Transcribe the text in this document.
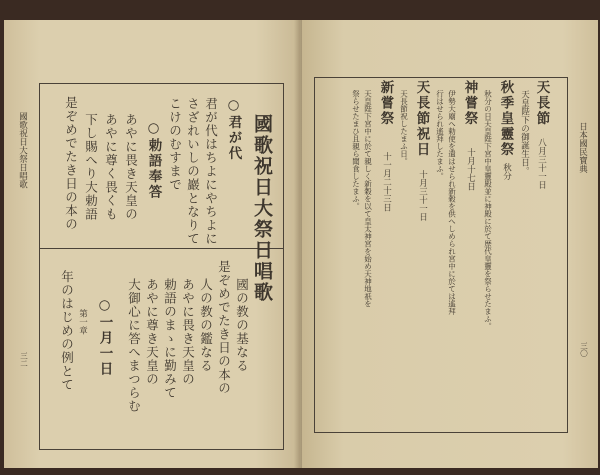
國歌祝日大祭日唱歌
三二
國歌祝日大祭日唱歌
○君が代
君が代はちよにやちよに
さざれいしの巖となりて
こけのむすまで
○勅語奉答
あやに畏き天皇の
あやに尊く畏くも
下し賜へり大勅語
是ぞめでたき日の本の
國の教の基なる
是ぞめでたき日の本の
人の教の鑑なる
あやに畏き天皇の
勅語のまゝに勤みて
あやに尊き天皇の
大御心に答へまつらむ
○一月一日
第一章
年のはじめの例とて
日本國民寶典
三〇
天長節
八月三十一日
天皇陛下の御誕生日。
秋季皇靈祭
秋分
秋分の日天皇陛下宮中皇靈殿並に神殿に於て歴代皇靈を祭らせたまふ。
神嘗祭
十月十七日
伊勢大廟へ勅使を遣はせられ新穀を供へしめられ宮中に於ては遙拜
行はせられ遙拜したまふ。
天長節祝日
十月三十一日
天長節祝したまふ日。
新嘗祭
十一月二十三日
天皇陛下宮中に於て親しく新穀を以て皇太神宮を始め天神地祇を
祭らせたまひ且親ら聞食したまふ。
